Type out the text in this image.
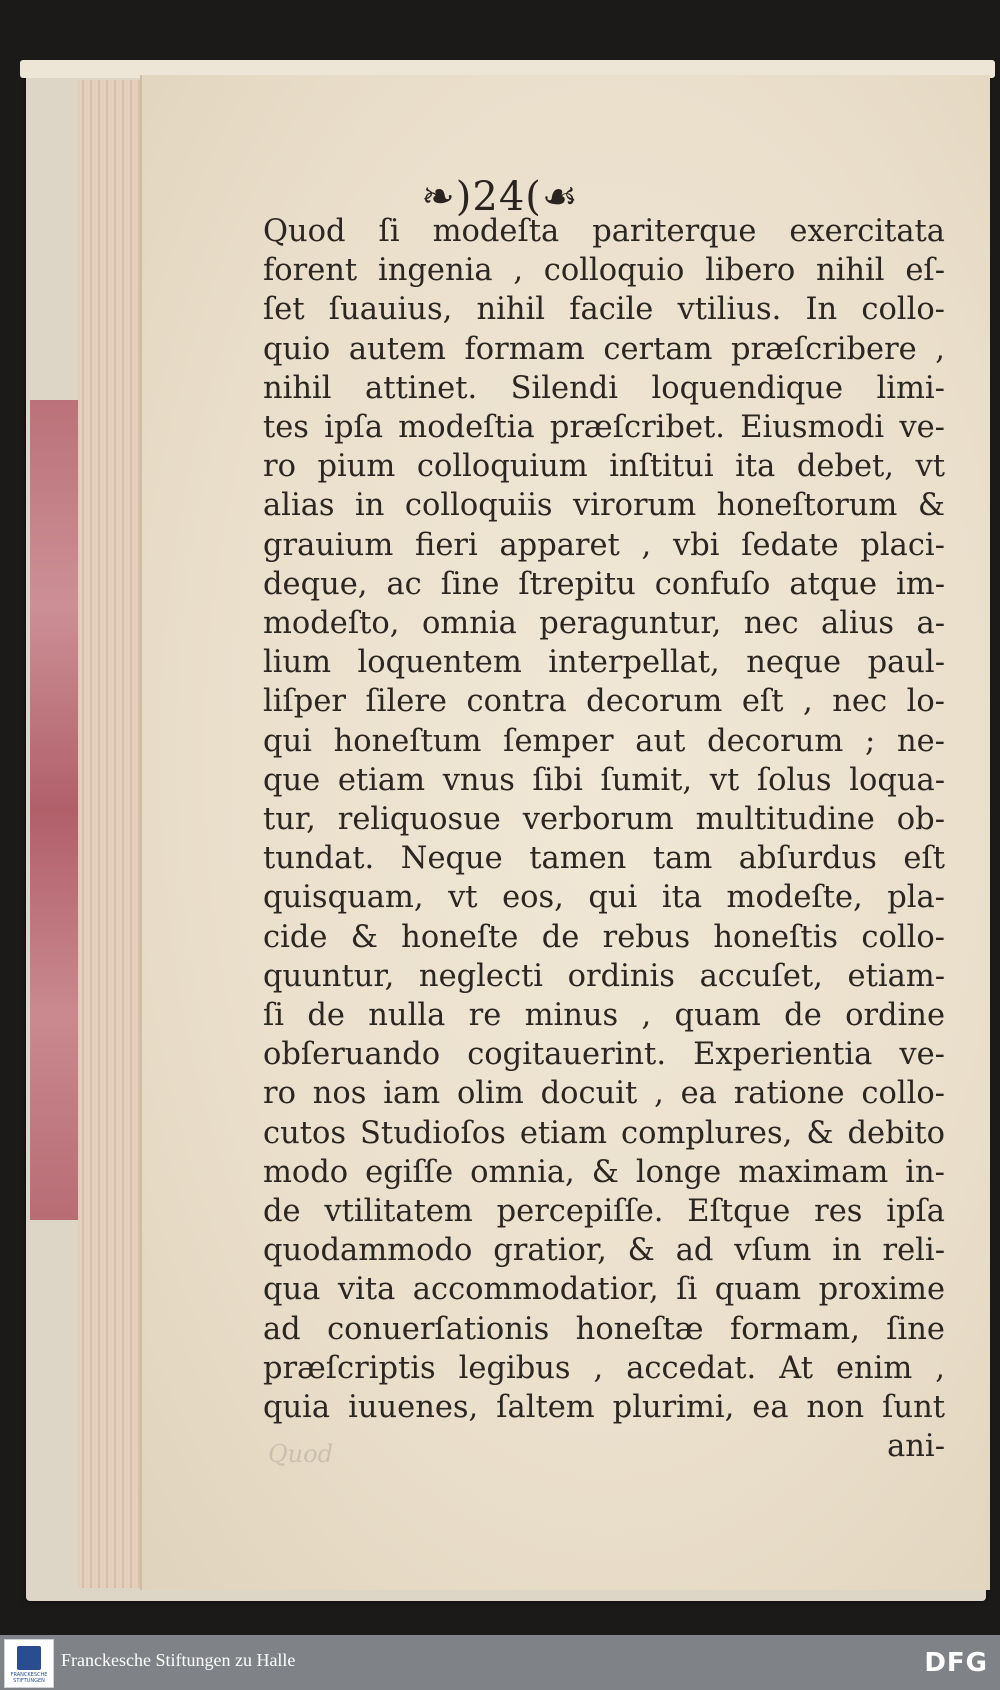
❧)24(☙
Quod ſi modeſta pariterque exercitata
forent ingenia , colloquio libero nihil eſ-
ſet ſuauius, nihil facile vtilius. In collo-
quio autem formam certam præſcribere ,
nihil attinet. Silendi loquendique limi-
tes ipſa modeſtia præſcribet. Eiusmodi ve-
ro pium colloquium inſtitui ita debet, vt
alias in colloquiis virorum honeſtorum &
grauium fieri apparet , vbi ſedate placi-
deque, ac ſine ſtrepitu confuſo atque im-
modeſto, omnia peraguntur, nec alius a-
lium loquentem interpellat, neque paul-
liſper ſilere contra decorum eſt , nec lo-
qui honeſtum ſemper aut decorum ; ne-
que etiam vnus ſibi ſumit, vt ſolus loqua-
tur, reliquosue verborum multitudine ob-
tundat. Neque tamen tam abſurdus eſt
quisquam, vt eos, qui ita modeſte, pla-
cide & honeſte de rebus honeſtis collo-
quuntur, neglecti ordinis accuſet, etiam-
ſi de nulla re minus , quam de ordine
obſeruando cogitauerint. Experientia ve-
ro nos iam olim docuit , ea ratione collo-
cutos Studioſos etiam complures, & debito
modo egiſſe omnia, & longe maximam in-
de vtilitatem percepiſſe. Eſtque res ipſa
quodammodo gratior, & ad vſum in reli-
qua vita accommodatior, ſi quam proxime
ad conuerſationis honeſtæ formam, ſine
præſcriptis legibus , accedat. At enim ,
quia iuuenes, ſaltem plurimi, ea non ſunt
ani-
Quod
FRANCKESCHE STIFTUNGEN
Franckesche Stiftungen zu Halle	DFG
